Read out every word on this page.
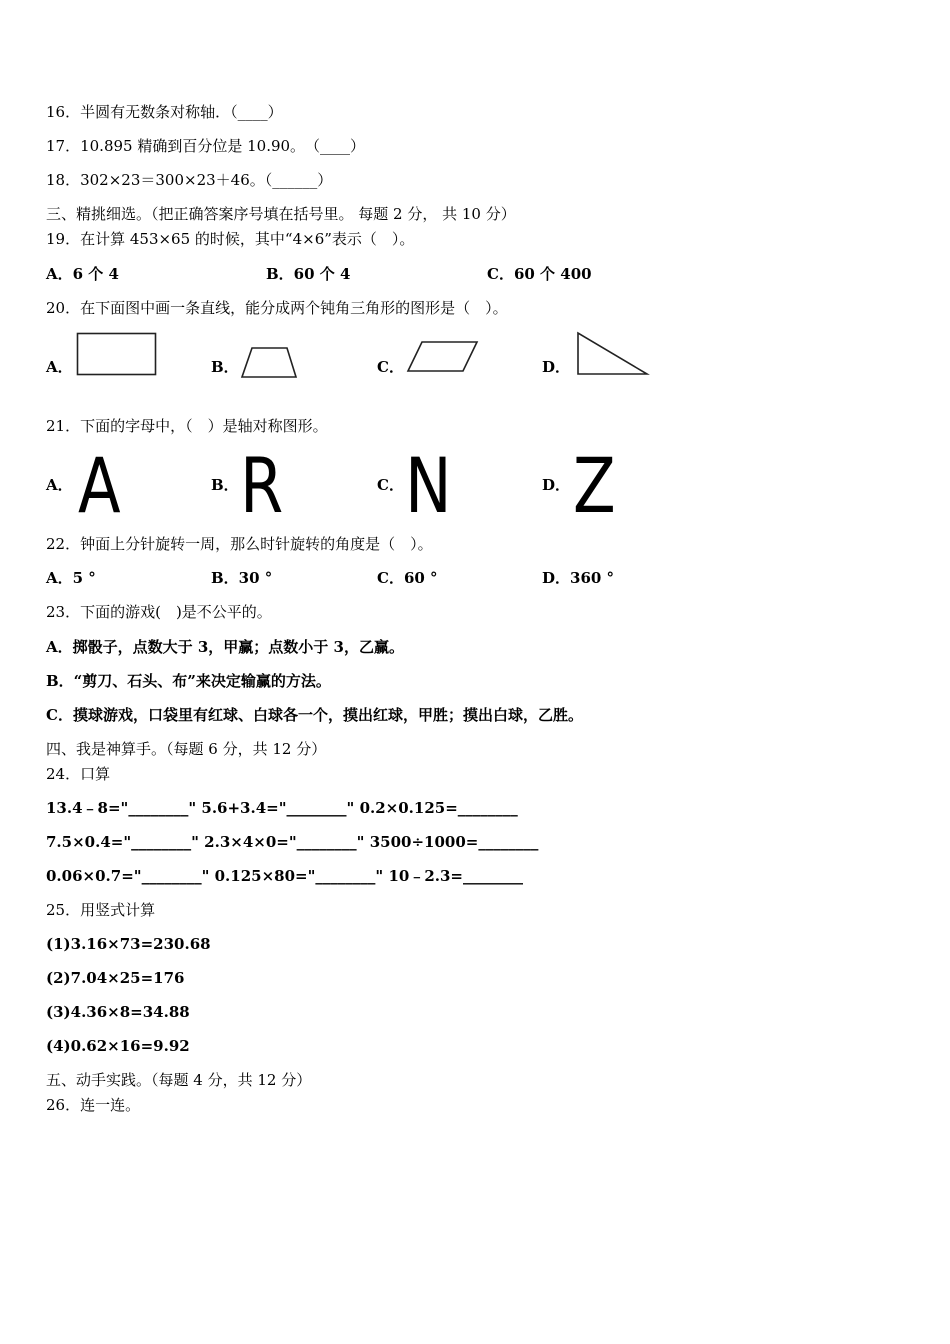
16．半圆有无数条对称轴．（____）
17．10.895 精确到百分位是 10.90。　（____）
18．302×23＝300×23＋46。（______）
三、精挑细选。（把正确答案序号填在括号里。 每题 2 分， 共 10 分）
19．在计算 453×65 的时候，其中“4×6”表示（　）。
A．6 个 4	B．60 个 4	C．60 个 400
20．在下面图中画一条直线，能分成两个钝角三角形的图形是（　）。
A．	B．	C．	D．
21．下面的字母中，（　）是轴对称图形。
A． A	B． R	C． N	D． Z
22．钟面上分针旋转一周，那么时针旋转的角度是（　）。
A．5 °	B．30 °	C．60 °	D．360 °
23．下面的游戏(　)是不公平的。
A．掷骰子，点数大于 3，甲赢；点数小于 3，乙赢。
B．“剪刀、石头、布”来决定输赢的方法。
C．摸球游戏，口袋里有红球、白球各一个，摸出红球，甲胜；摸出白球，乙胜。
四、我是神算手。（每题 6 分，共 12 分）
24．口算
13.4﹣8="________" 5.6+3.4="________" 0.2×0.125=________
7.5×0.4="________" 2.3×4×0="________" 3500÷1000=________
0.06×0.7="________" 0.125×80="________" 10﹣2.3=________
25．用竖式计算
(1)3.16×73=230.68
(2)7.04×25=176
(3)4.36×8=34.88
(4)0.62×16=9.92
五、动手实践。（每题 4 分，共 12 分）
26．连一连。
